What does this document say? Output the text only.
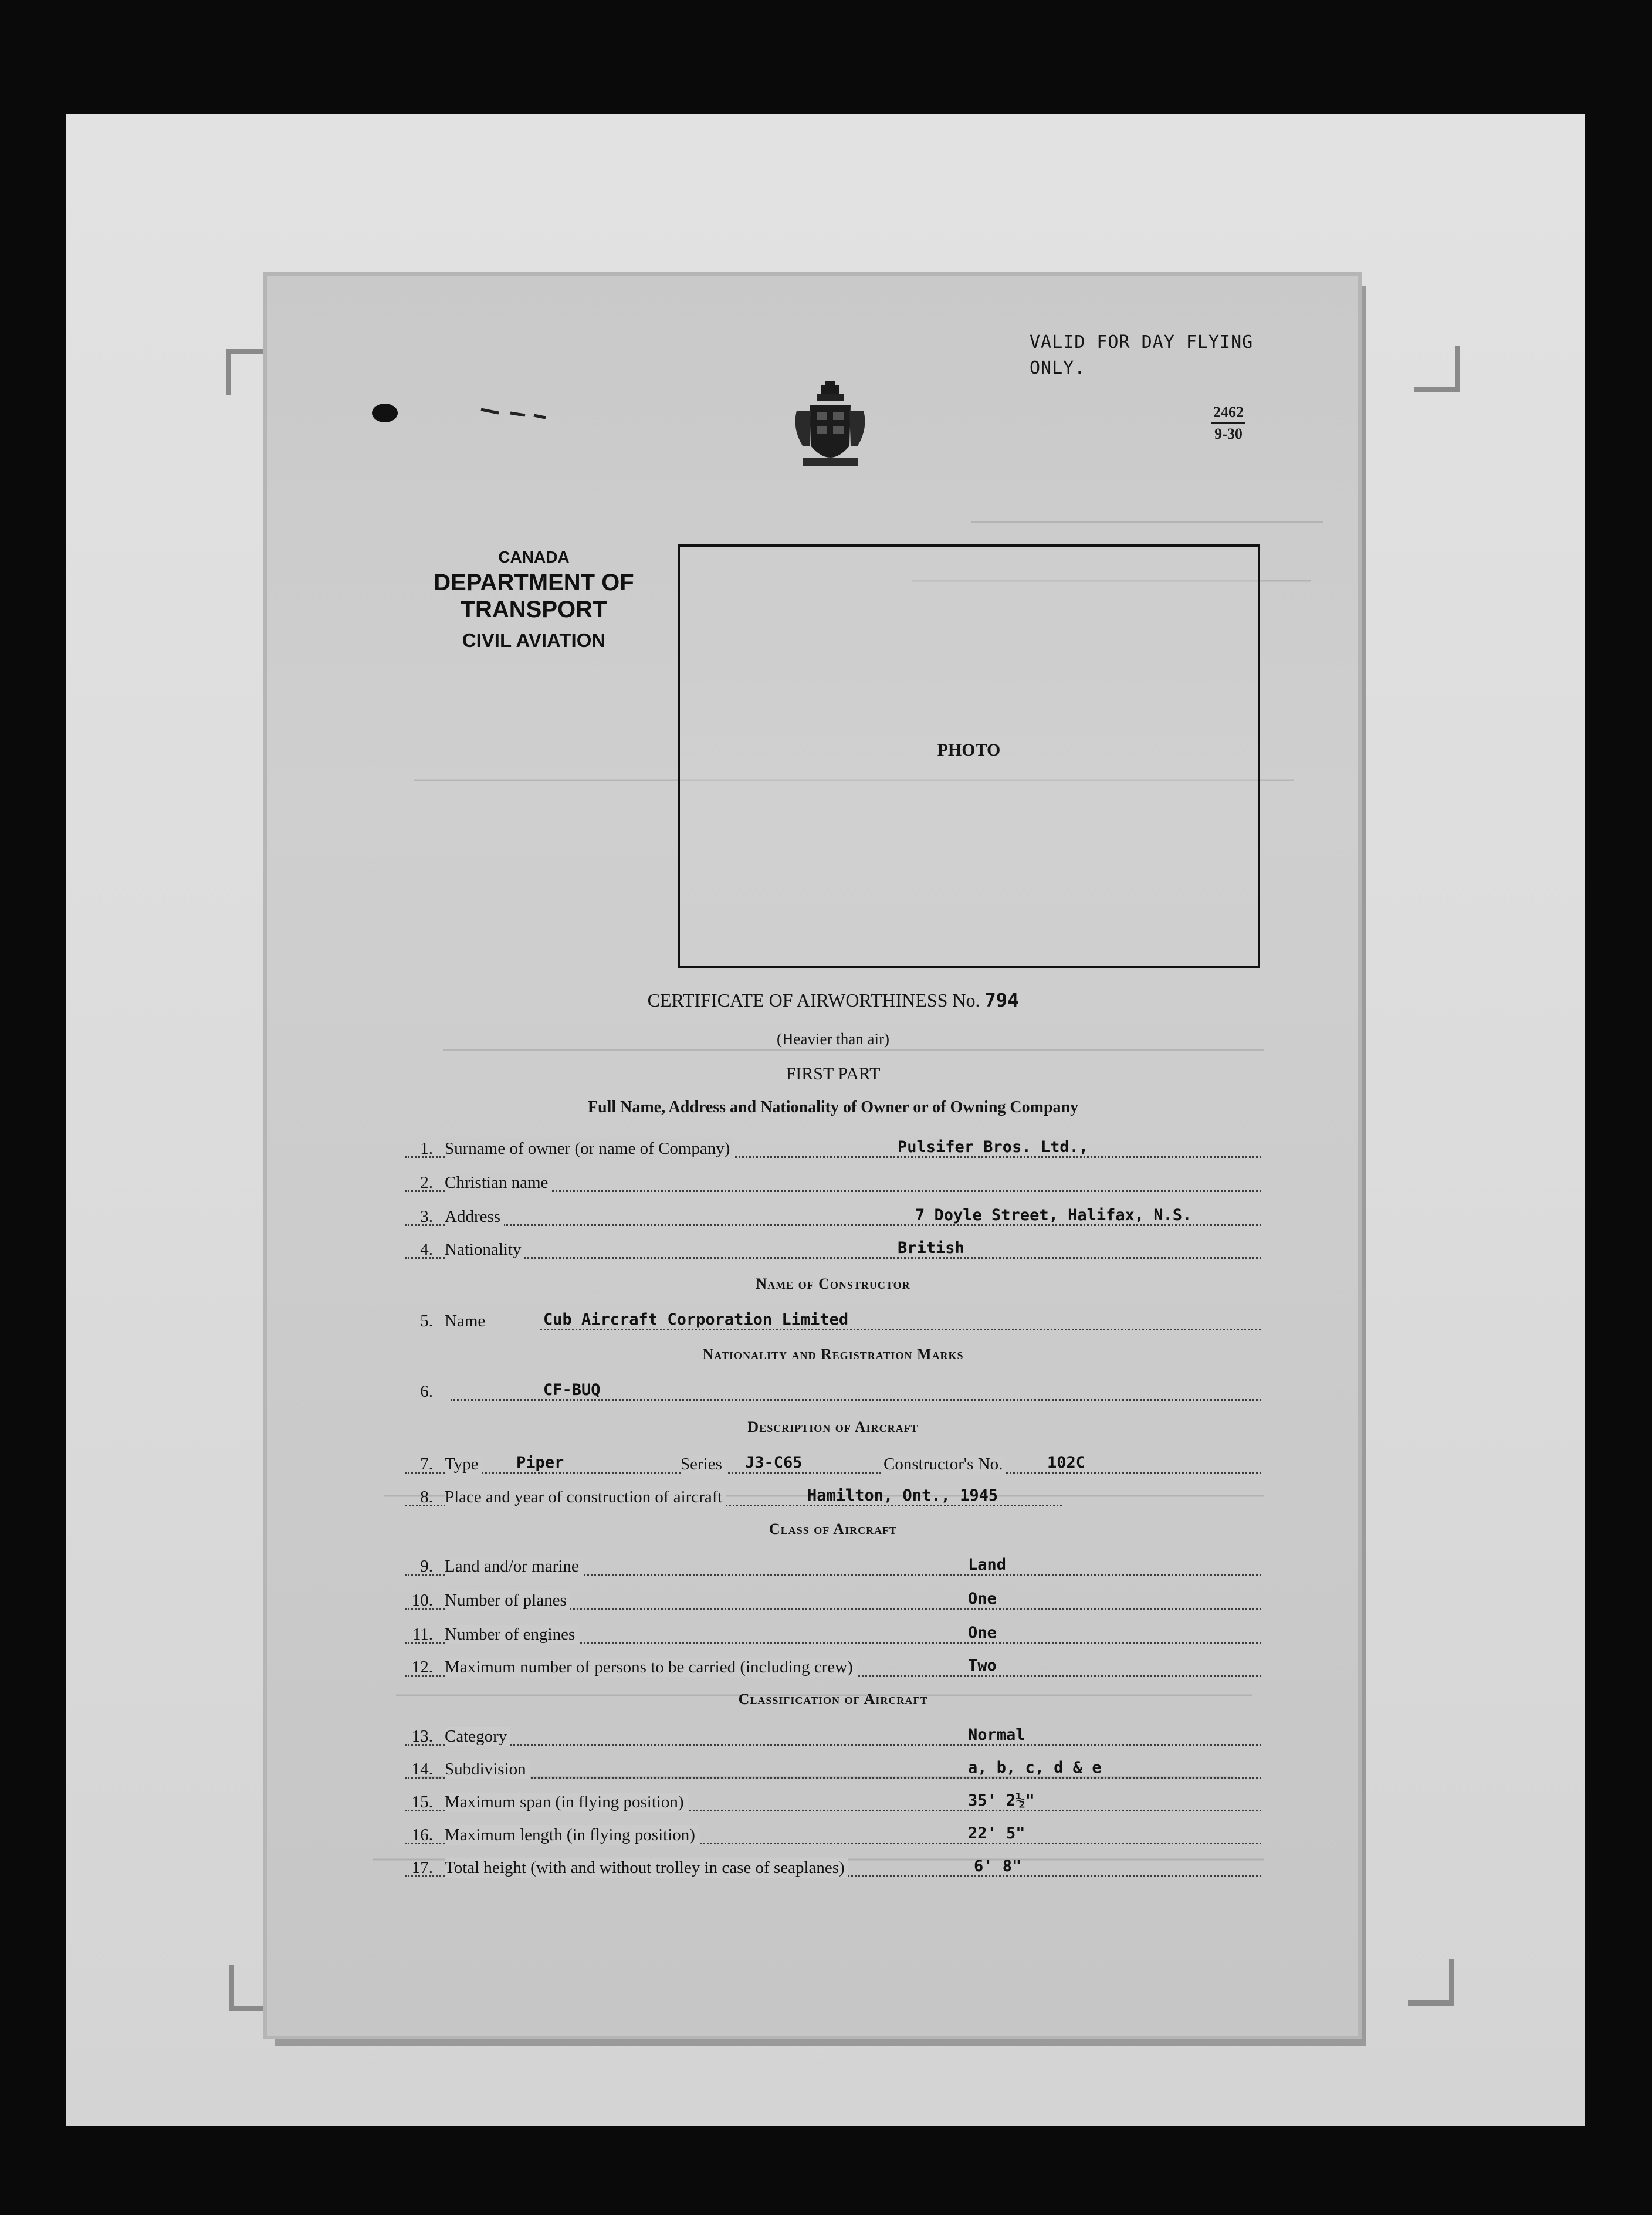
VALID FOR DAY FLYING
ONLY.
2462
9-30
CANADA
DEPARTMENT OF
TRANSPORT
CIVIL AVIATION
PHOTO
CERTIFICATE OF AIRWORTHINESS No. 794
(Heavier than air)
FIRST PART
Full Name, Address and Nationality of Owner or of Owning Company
1. Surname of owner (or name of Company)	Pulsifer Bros. Ltd.,
2. Christian name
3. Address	7 Doyle Street, Halifax, N.S.
4. Nationality	British
Name of Constructor
5. Name	Cub Aircraft Corporation Limited
Nationality and Registration Marks
6.	CF-BUQ
Description of Aircraft
7. Type Piper	Series J3-C65	Constructor's No.	102C
8. Place and year of construction of aircraft	Hamilton, Ont., 1945
Class of Aircraft
9. Land and/or marine	Land
10. Number of planes	One
11. Number of engines	One
12. Maximum number of persons to be carried (including crew)	Two
Classification of Aircraft
13. Category	Normal
14. Subdivision	a, b, c, d & e
15. Maximum span (in flying position)	35' 2½"
16. Maximum length (in flying position)	22' 5"
17. Total height (with and without trolley in case of seaplanes)	6' 8"
